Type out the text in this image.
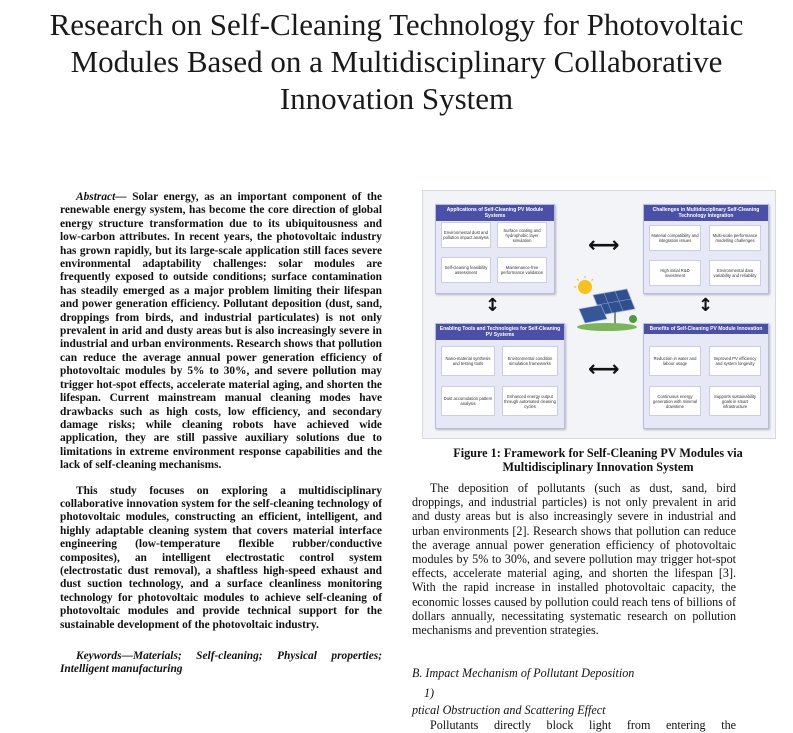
Research on Self-Cleaning Technology for Photovoltaic Modules Based on a Multidisciplinary Collaborative Innovation System

Abstract— Solar energy, as an important component of the renewable energy system, has become the core direction of global energy structure transformation due to its ubiquitousness and low-carbon attributes. In recent years, the photovoltaic industry has grown rapidly, but its large-scale application still faces severe environmental adaptability challenges: solar modules are frequently exposed to outside conditions; surface contamination has steadily emerged as a major problem limiting their lifespan and power generation efficiency. Pollutant deposition (dust, sand, droppings from birds, and industrial particulates) is not only prevalent in arid and dusty areas but is also increasingly severe in industrial and urban environments. Research shows that pollution can reduce the average annual power generation efficiency of photovoltaic modules by 5% to 30%, and severe pollution may trigger hot-spot effects, accelerate material aging, and shorten the lifespan. Current mainstream manual cleaning modes have drawbacks such as high costs, low efficiency, and secondary damage risks; while cleaning robots have achieved wide application, they are still passive auxiliary solutions due to limitations in extreme environment response capabilities and the lack of self-cleaning mechanisms.

This study focuses on exploring a multidisciplinary collaborative innovation system for the self-cleaning technology of photovoltaic modules, constructing an efficient, intelligent, and highly adaptable cleaning system that covers material interface engineering (low-temperature flexible rubber/conductive composites), an intelligent electrostatic control system (electrostatic dust removal), a shaftless high-speed exhaust and dust suction technology, and a surface cleanliness monitoring technology for photovoltaic modules to achieve self-cleaning of photovoltaic modules and provide technical support for the sustainable development of the photovoltaic industry.

Keywords—Materials; Self-cleaning; Physical properties; Intelligent manufacturing

Applications of Self-Cleaning PV Module Systems
Environmental dust and pollution impact analysis
Surface coating and hydrophobic layer simulation
Self-cleaning feasibility assessment
Maintenance-free performance validation
Challenges in Multidisciplinary Self-Cleaning Technology Integration
Material compatibility and integration issues
Multi-scale performance modelling challenges
High initial R&D investment
Environmental data variability and reliability
Enabling Tools and Technologies for Self-Cleaning PV Systems
Nano-material synthesis and testing tools
Environmental condition simulation frameworks
Dust accumulation pattern analysis
Enhanced energy output through automated cleaning cycles
Benefits of Self-Cleaning PV Module Innovation
Reduction in water and labour usage
Improved PV efficiency and system longevity
Continuous energy generation with minimal downtime
Supports sustainability goals in smart infrastructure
⟷
⟷
↕	↕
Figure 1: Framework for Self-Cleaning PV Modules via Multidisciplinary Innovation System

The deposition of pollutants (such as dust, sand, bird droppings, and industrial particles) is not only prevalent in arid and dusty areas but is also increasingly severe in industrial and urban environments [2]. Research shows that pollution can reduce the average annual power generation efficiency of photovoltaic modules by 5% to 30%, and severe pollution may trigger hot-spot effects, accelerate material aging, and shorten the lifespan [3]. With the rapid increase in installed photovoltaic capacity, the economic losses caused by pollution could reach tens of billions of dollars annually, necessitating systematic research on pollution mechanisms and prevention strategies.

B. Impact Mechanism of Pollutant Deposition
1)
ptical Obstruction and Scattering Effect
Pollutants directly block light from entering the
